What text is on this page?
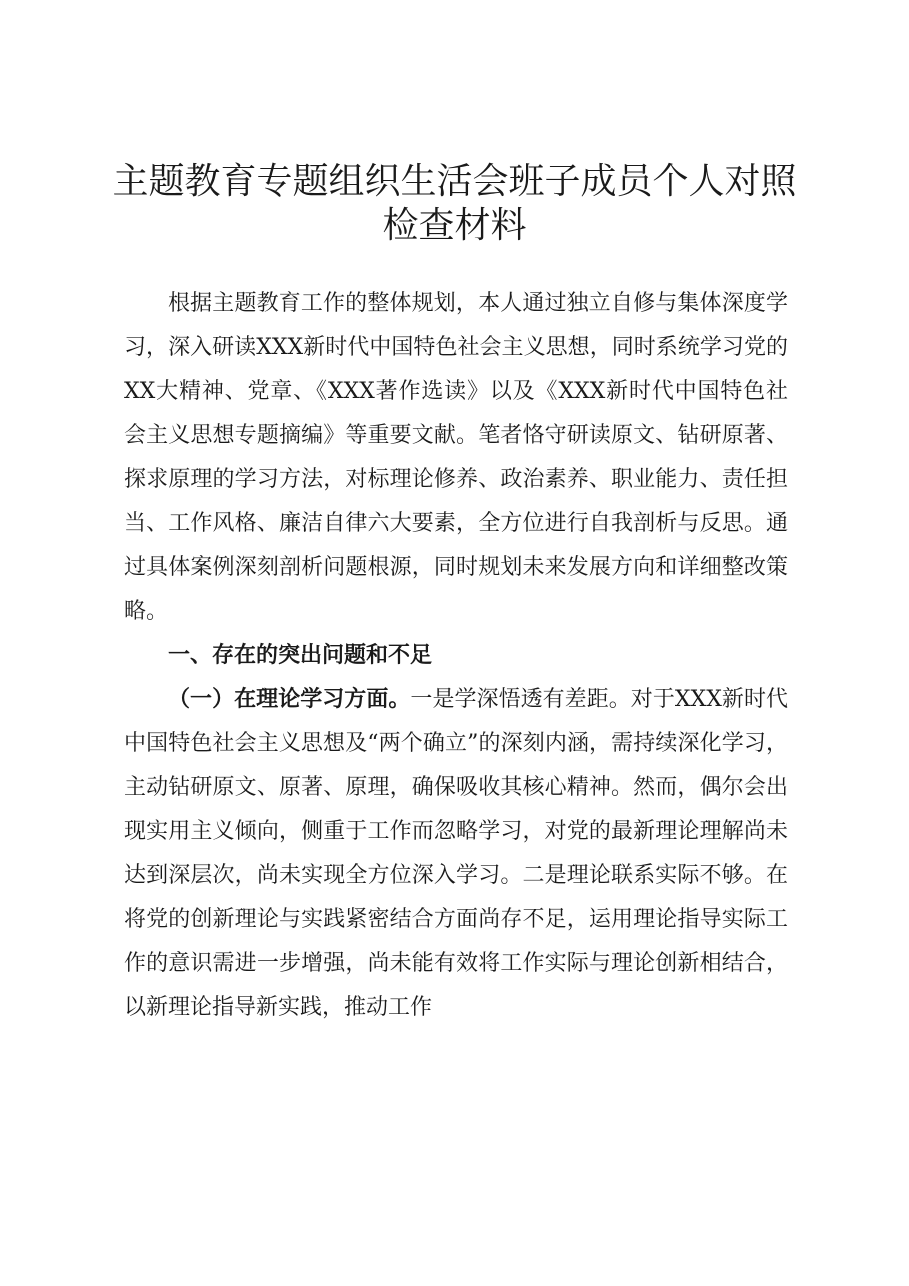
主题教育专题组织生活会班子成员个人对照检查材料

根据主题教育工作的整体规划，本人通过独立自修与集体深度学习，深入研读XXX新时代中国特色社会主义思想，同时系统学习党的XX大精神、党章、《XXX著作选读》以及《XXX新时代中国特色社会主义思想专题摘编》等重要文献。笔者恪守研读原文、钻研原著、探求原理的学习方法，对标理论修养、政治素养、职业能力、责任担当、工作风格、廉洁自律六大要素，全方位进行自我剖析与反思。通过具体案例深刻剖析问题根源，同时规划未来发展方向和详细整改策略。

一、存在的突出问题和不足

（一）在理论学习方面。一是学深悟透有差距。对于XXX新时代中国特色社会主义思想及“两个确立”的深刻内涵，需持续深化学习，主动钻研原文、原著、原理，确保吸收其核心精神。然而，偶尔会出现实用主义倾向，侧重于工作而忽略学习，对党的最新理论理解尚未达到深层次，尚未实现全方位深入学习。二是理论联系实际不够。在将党的创新理论与实践紧密结合方面尚存不足，运用理论指导实际工作的意识需进一步增强，尚未能有效将工作实际与理论创新相结合，以新理论指导新实践，推动工作
